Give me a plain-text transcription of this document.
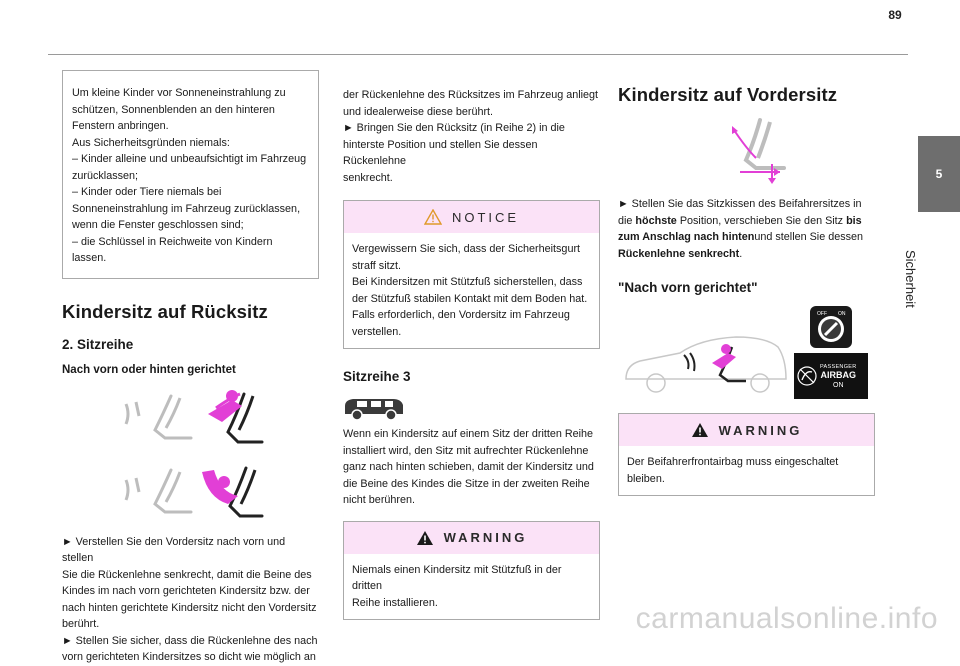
89
5
Sicherheit

Um kleine Kinder vor Sonneneinstrahlung zu

schützen, Sonnenblenden an den hinteren

Fenstern anbringen.

Aus Sicherheitsgründen niemals:

– Kinder alleine und unbeaufsichtigt im Fahrzeug

zurücklassen;

– Kinder oder Tiere niemals bei

Sonneneinstrahlung im Fahrzeug zurücklassen,

wenn die Fenster geschlossen sind;

– die Schlüssel in Reichweite von Kindern lassen.

Kindersitz auf Rücksitz
2. Sitzreihe
Nach vorn oder hinten gerichtet

► Verstellen Sie den Vordersitz nach vorn und stellen

Sie die Rückenlehne senkrecht, damit die Beine des

Kindes im nach vorn gerichteten Kindersitz bzw. der

nach hinten gerichtete Kindersitz nicht den Vordersitz

berührt.

► Stellen Sie sicher, dass die Rückenlehne des nach

vorn gerichteten Kindersitzes so dicht wie möglich an

der Rückenlehne des Rücksitzes im Fahrzeug anliegt

und idealerweise diese berührt.

► Bringen Sie den Rücksitz (in Reihe 2) in die

hinterste Position und stellen Sie dessen Rückenlehne

senkrecht.

NOTICE

Vergewissern Sie sich, dass der Sicherheitsgurt

straff sitzt.

Bei Kindersitzen mit Stützfuß sicherstellen, dass

der Stützfuß stabilen Kontakt mit dem Boden hat.

Falls erforderlich, den Vordersitz im Fahrzeug

verstellen.

Sitzreihe 3

Wenn ein Kindersitz auf einem Sitz der dritten Reihe

installiert wird, den Sitz mit aufrechter Rückenlehne

ganz nach hinten schieben, damit der Kindersitz und

die Beine des Kindes die Sitze in der zweiten Reihe

nicht berühren.

WARNING

Niemals einen Kindersitz mit Stützfuß in der dritten

Reihe installieren.

Kindersitz auf Vordersitz

► Stellen Sie das Sitzkissen des Beifahrersitzes in

die höchste Position, verschieben Sie den Sitz bis

zum Anschlag nach hintenund stellen Sie dessen

Rückenlehne senkrecht.

"Nach vorn gerichtet"
OFF ON
PASSENGER
AIRBAG
ON
WARNING

Der Beifahrerfrontairbag muss eingeschaltet

bleiben.

carmanualsonline.info
